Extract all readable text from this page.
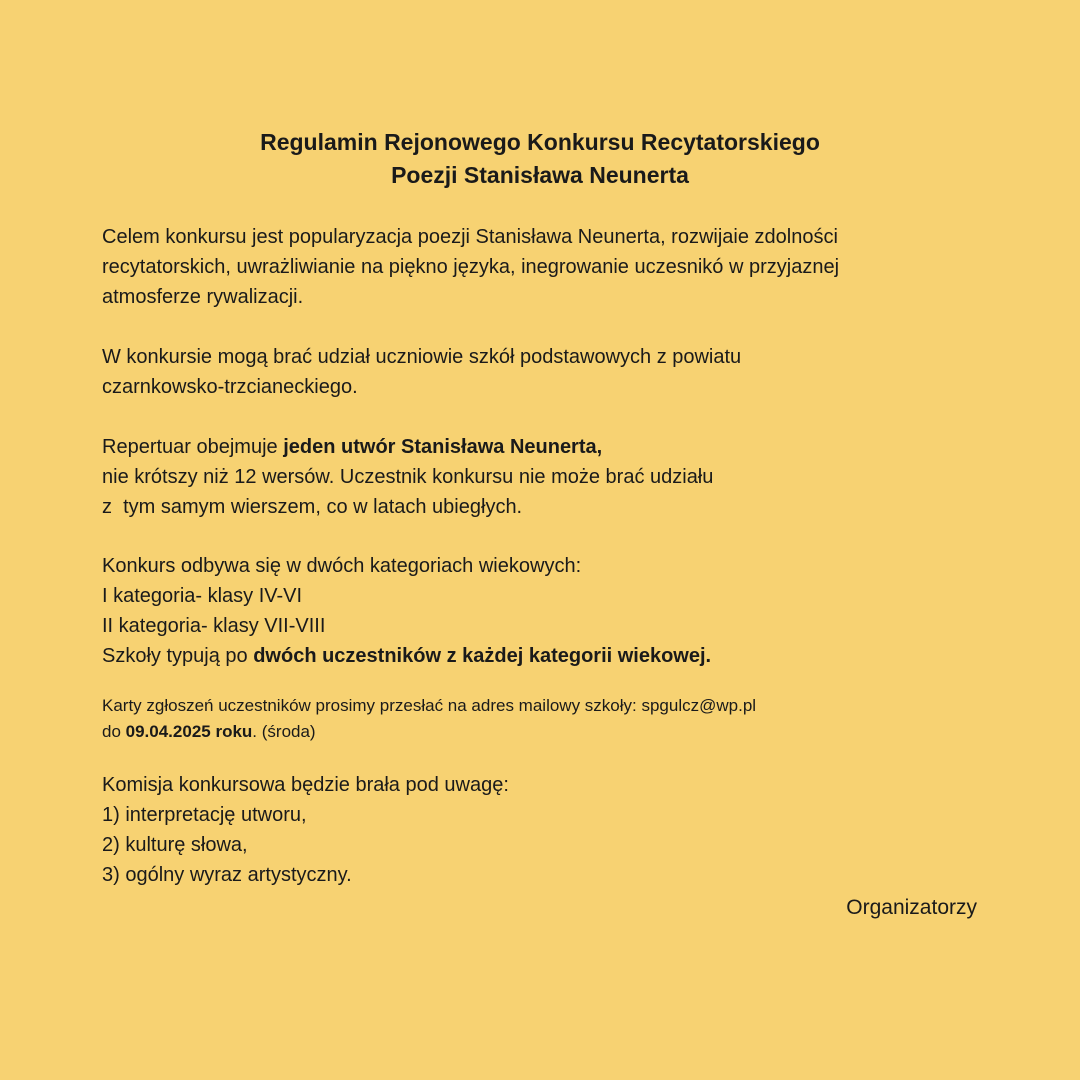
Regulamin Rejonowego Konkursu Recytatorskiego
Poezji Stanisława Neunerta

Celem konkursu jest popularyzacja poezji Stanisława Neunerta, rozwijaie zdolności
recytatorskich, uwrażliwianie na piękno języka, inegrowanie uczesnikó w przyjaznej
atmosferze rywalizacji.

W konkursie mogą brać udział uczniowie szkół podstawowych z powiatu
czarnkowsko-trzcianeckiego.

Repertuar obejmuje jeden utwór Stanisława Neunerta,
nie krótszy niż 12 wersów. Uczestnik konkursu nie może brać udziału
z  tym samym wierszem, co w latach ubiegłych.

Konkurs odbywa się w dwóch kategoriach wiekowych:
I kategoria- klasy IV-VI
II kategoria- klasy VII-VIII
Szkoły typują po dwóch uczestników z każdej kategorii wiekowej.

Karty zgłoszeń uczestników prosimy przesłać na adres mailowy szkoły: spgulcz@wp.pl
do 09.04.2025 roku. (środa)

Komisja konkursowa będzie brała pod uwagę:
1) interpretację utworu,
2) kulturę słowa,
3) ogólny wyraz artystyczny.

Organizatorzy
